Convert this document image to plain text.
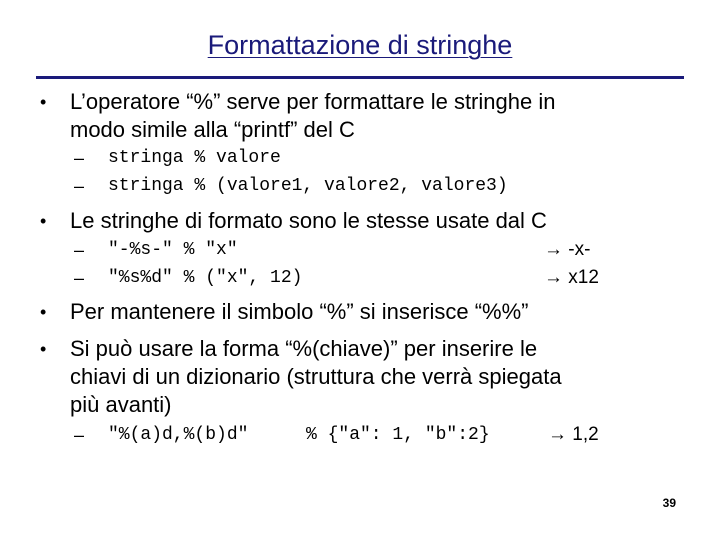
Formattazione di stringhe
• L’operatore “%” serve per formattare le stringhe in
modo simile alla “printf” del C
– stringa % valore
– stringa % (valore1, valore2, valore3)
• Le stringhe di formato sono le stesse usate dal C
– "-%s-" % "x"	→ -x-
– "%s%d" % ("x", 12)	→ x12
• Per mantenere il simbolo “%” si inserisce “%%”
• Si può usare la forma “%(chiave)” per inserire le
chiavi di un dizionario (struttura che verrà spiegata
più avanti)
– "%(a)d,%(b)d"	% {"a": 1, "b":2}	→ 1,2
39
